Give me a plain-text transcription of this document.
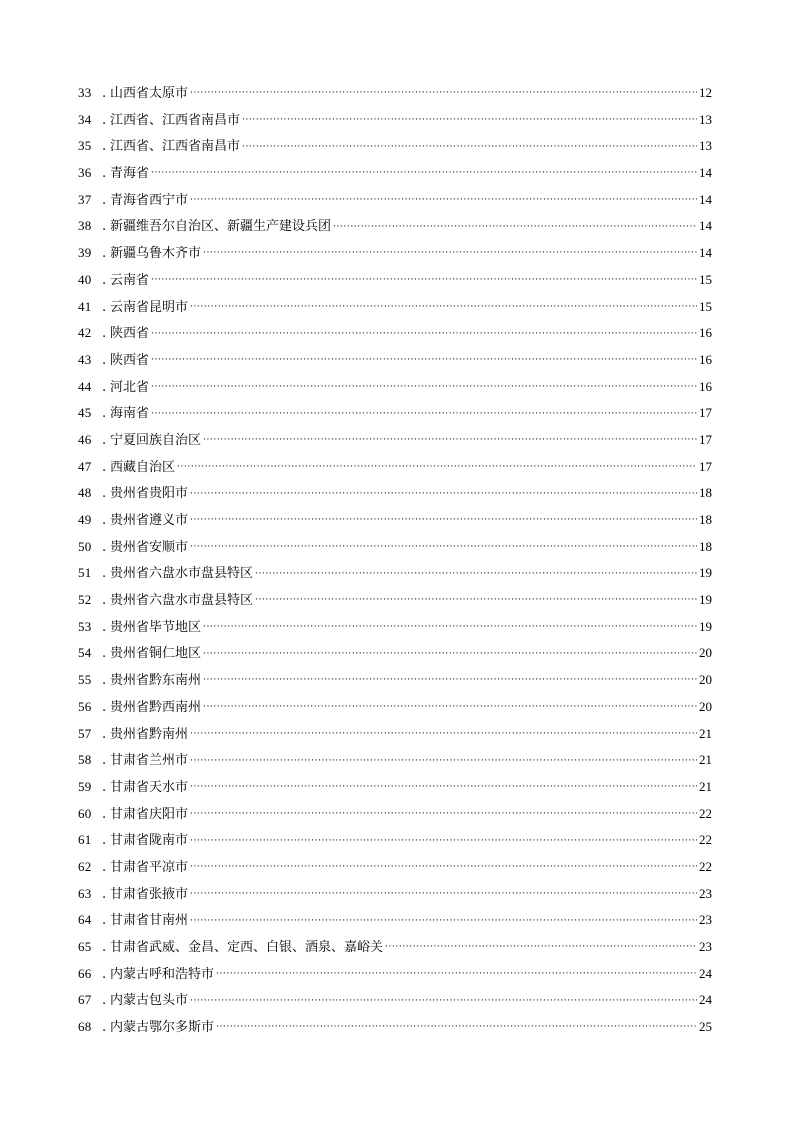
33 . 山西省太原市 ·····	12
34 . 江西省、江西省南昌市 ·····	13
35 . 江西省、江西省南昌市 ·····	13
36 . 青海省 ·····	14
37 . 青海省西宁市 ·····	14
38 . 新疆维吾尔自治区、新疆生产建设兵团 ·····	14
39 . 新疆乌鲁木齐市 ·····	14
40 . 云南省 ·····	15
41 . 云南省昆明市 ·····	15
42 . 陕西省 ·····	16
43 . 陕西省 ·····	16
44 . 河北省 ·····	16
45 . 海南省 ·····	17
46 . 宁夏回族自治区 ·····	17
47 . 西藏自治区 ·····	17
48 . 贵州省贵阳市 ·····	18
49 . 贵州省遵义市 ·····	18
50 . 贵州省安顺市 ·····	18
51 . 贵州省六盘水市盘县特区 ·····	19
52 . 贵州省六盘水市盘县特区 ·····	19
53 . 贵州省毕节地区 ·····	19
54 . 贵州省铜仁地区 ·····	20
55 . 贵州省黔东南州 ·····	20
56 . 贵州省黔西南州 ·····	20
57 . 贵州省黔南州 ·····	21
58 . 甘肃省兰州市 ·····	21
59 . 甘肃省天水市 ·····	21
60 . 甘肃省庆阳市 ·····	22
61 . 甘肃省陇南市 ·····	22
62 . 甘肃省平凉市 ·····	22
63 . 甘肃省张掖市 ·····	23
64 . 甘肃省甘南州 ·····	23
65 . 甘肃省武威、金昌、定西、白银、酒泉、嘉峪关 ·····	23
66 . 内蒙古呼和浩特市 ·····	24
67 . 内蒙古包头市 ·····	24
68 . 内蒙古鄂尔多斯市 ·····	25
